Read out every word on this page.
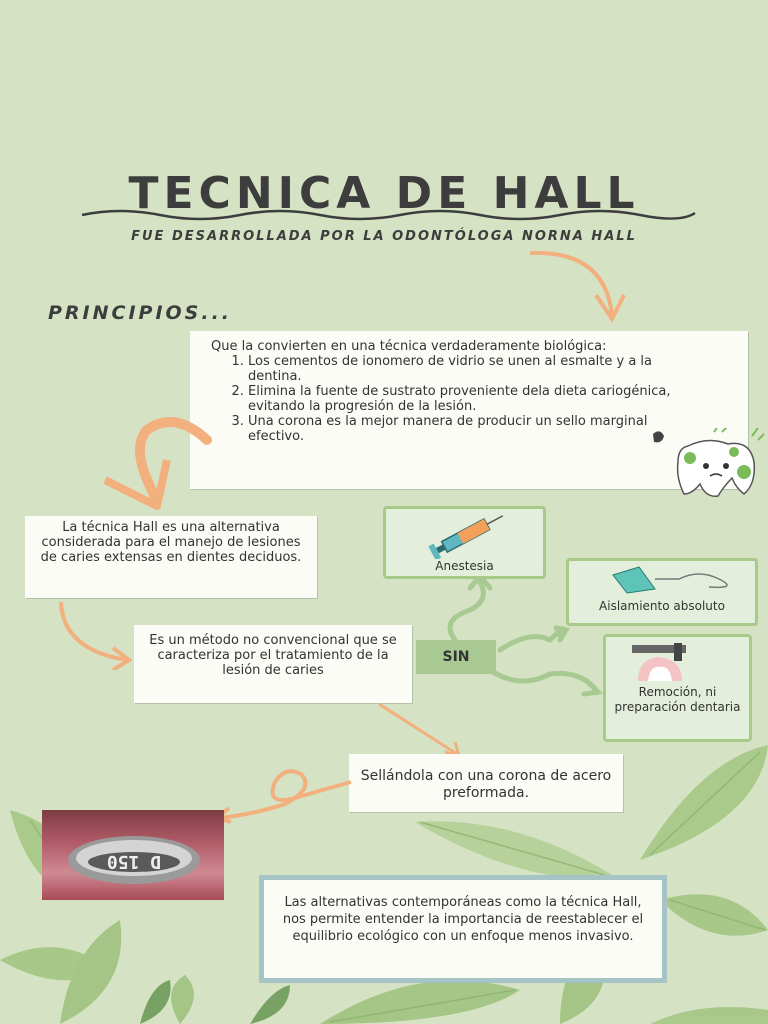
TECNICA DE HALL
FUE DESARROLLADA POR LA ODONTÓLOGA NORNA HALL
PRINCIPIOS...
Que la convierten en una técnica verdaderamente biológica:
1. Los cementos de ionomero de vidrio se unen al esmalte y a la dentina.
2. Elimina la fuente de sustrato proveniente dela dieta cariogénica, evitando la progresión de la lesión.
3. Una corona es la mejor manera de producir un sello marginal efectivo.
La técnica Hall es una alternativa considerada para el manejo de lesiones de caries extensas en dientes deciduos.
Es un método no convencional que se caracteriza por el tratamiento de la lesión de caries
SIN
Anestesia
Aislamiento absoluto
Remoción, ni preparación dentaria
Sellándola con una corona de acero preformada.
D 150
Las alternativas contemporáneas como la técnica Hall, nos permite entender la importancia de reestablecer el equilibrio ecológico con un enfoque menos invasivo.
